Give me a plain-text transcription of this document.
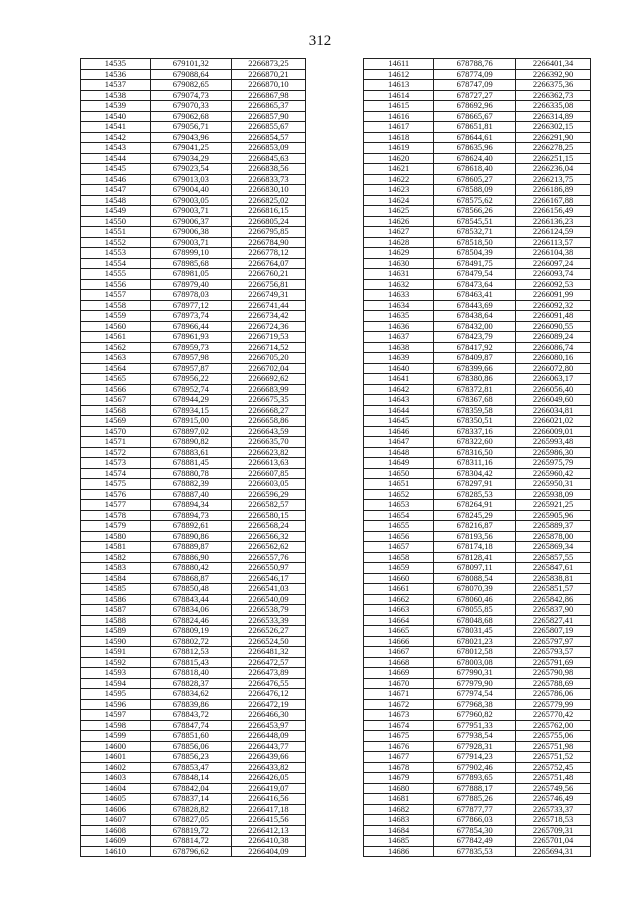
312
14535	679101,32	2266873,25
14536	679088,64	2266870,21
14537	679082,65	2266870,10
14538	679074,73	2266867,98
14539	679070,33	2266865,37
14540	679062,68	2266857,90
14541	679056,71	2266855,67
14542	679043,96	2266854,57
14543	679041,25	2266853,09
14544	679034,29	2266845,63
14545	679023,54	2266838,56
14546	679013,03	2266833,73
14547	679004,40	2266830,10
14548	679003,05	2266825,02
14549	679003,71	2266816,15
14550	679006,37	2266805,24
14551	679006,38	2266795,85
14552	679003,71	2266784,90
14553	678999,10	2266778,12
14554	678985,68	2266764,07
14555	678981,05	2266760,21
14556	678979,40	2266756,81
14557	678978,03	2266749,31
14558	678977,12	2266741,44
14559	678973,74	2266734,42
14560	678966,44	2266724,36
14561	678961,93	2266719,53
14562	678959,73	2266714,52
14563	678957,98	2266705,20
14564	678957,87	2266702,04
14565	678956,22	2266692,62
14566	678952,74	2266683,99
14567	678944,29	2266675,35
14568	678934,15	2266668,27
14569	678915,00	2266658,86
14570	678897,02	2266643,59
14571	678890,82	2266635,70
14572	678883,61	2266623,82
14573	678881,45	2266613,63
14574	678880,78	2266607,85
14575	678882,39	2266603,05
14576	678887,40	2266596,29
14577	678894,34	2266582,57
14578	678894,73	2266580,15
14579	678892,61	2266568,24
14580	678890,86	2266566,32
14581	678889,87	2266562,62
14582	678886,90	2266557,76
14583	678880,42	2266550,97
14584	678868,87	2266546,17
14585	678850,48	2266541,03
14586	678843,44	2266540,09
14587	678834,06	2266538,79
14588	678824,46	2266533,39
14589	678809,19	2266526,27
14590	678802,72	2266524,50
14591	678812,53	2266481,32
14592	678815,43	2266472,57
14593	678818,40	2266473,89
14594	678828,37	2266476,55
14595	678834,62	2266476,12
14596	678839,86	2266472,19
14597	678843,72	2266466,30
14598	678847,74	2266453,97
14599	678851,60	2266448,09
14600	678856,06	2266443,77
14601	678856,23	2266439,66
14602	678853,47	2266433,82
14603	678848,14	2266426,05
14604	678842,04	2266419,07
14605	678837,14	2266416,56
14606	678828,82	2266417,18
14607	678827,05	2266415,56
14608	678819,72	2266412,13
14609	678814,72	2266410,38
14610	678796,62	2266404,09
14611	678788,76	2266401,34
14612	678774,09	2266392,90
14613	678747,09	2266375,36
14614	678727,27	2266362,73
14615	678692,96	2266335,08
14616	678665,67	2266314,89
14617	678651,81	2266302,15
14618	678644,61	2266291,90
14619	678635,96	2266278,25
14620	678624,40	2266251,15
14621	678618,40	2266236,04
14622	678605,27	2266213,75
14623	678588,09	2266186,89
14624	678575,62	2266167,88
14625	678566,26	2266156,49
14626	678545,51	2266136,23
14627	678532,71	2266124,59
14628	678518,50	2266113,57
14629	678504,39	2266104,38
14630	678491,75	2266097,24
14631	678479,54	2266093,74
14632	678473,64	2266092,53
14633	678463,41	2266091,99
14634	678443,69	2266092,32
14635	678438,64	2266091,48
14636	678432,00	2266090,55
14637	678423,79	2266089,24
14638	678417,92	2266086,74
14639	678409,87	2266080,16
14640	678399,66	2266072,80
14641	678380,86	2266063,17
14642	678372,81	2266056,40
14643	678367,68	2266049,60
14644	678359,58	2266034,81
14645	678350,51	2266021,02
14646	678337,16	2266009,01
14647	678322,60	2265993,48
14648	678316,50	2265986,30
14649	678311,16	2265975,79
14650	678304,42	2265960,42
14651	678297,91	2265950,31
14652	678285,53	2265938,09
14653	678264,91	2265921,25
14654	678245,29	2265905,96
14655	678216,87	2265889,37
14656	678193,56	2265878,00
14657	678174,18	2265869,34
14658	678128,41	2265857,55
14659	678097,11	2265847,61
14660	678088,54	2265838,81
14661	678070,39	2265851,57
14662	678060,46	2265842,86
14663	678055,85	2265837,90
14664	678048,68	2265827,41
14665	678031,45	2265807,19
14666	678021,23	2265797,97
14667	678012,58	2265793,57
14668	678003,08	2265791,69
14669	677990,31	2265790,98
14670	677979,90	2265788,69
14671	677974,54	2265786,06
14672	677968,38	2265779,99
14673	677960,82	2265770,42
14674	677951,33	2265762,00
14675	677938,54	2265755,06
14676	677928,31	2265751,98
14677	677914,23	2265751,52
14678	677902,46	2265752,45
14679	677893,65	2265751,48
14680	677888,17	2265749,56
14681	677885,26	2265746,49
14682	677877,77	2265733,37
14683	677866,03	2265718,53
14684	677854,30	2265709,31
14685	677842,49	2265701,04
14686	677835,53	2265694,31
